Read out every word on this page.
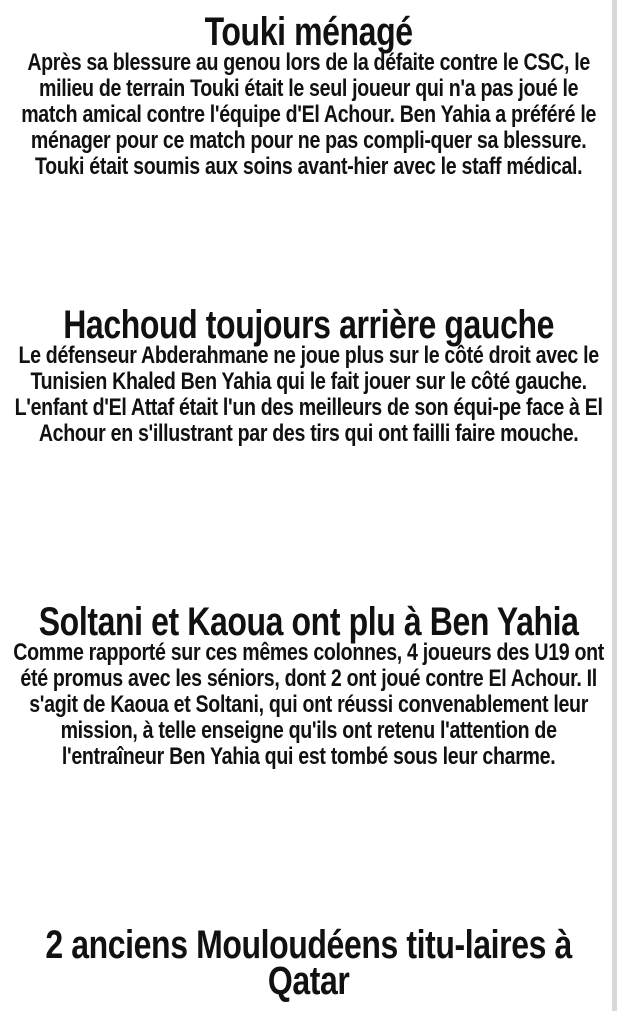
Touki ménagé

Après sa blessure au genou lors de la défaite contre le CSC, le milieu de terrain Touki était le seul joueur qui n'a pas joué le match amical contre l'équipe d'El Achour. Ben Yahia a préféré le ménager pour ce match pour ne pas compli-quer sa blessure. Touki était soumis aux soins avant-hier avec le staff médical.

Hachoud toujours arrière gauche

Le défenseur Abderahmane ne joue plus sur le côté droit avec le Tunisien Khaled Ben Yahia qui le fait jouer sur le côté gauche. L'enfant d'El Attaf était l'un des meilleurs de son équi-pe face à El Achour en s'illustrant par des tirs qui ont failli faire mouche.

Soltani et Kaoua ont plu à Ben Yahia

Comme rapporté sur ces mêmes colonnes, 4 joueurs des U19 ont été promus avec les séniors, dont 2 ont joué contre El Achour. Il s'agit de Kaoua et Soltani, qui ont réussi convenablement leur mission, à telle enseigne qu'ils ont retenu l'attention de l'entraîneur Ben Yahia qui est tombé sous leur charme.

2 anciens Mouloudéens titu-laires à Qatar
